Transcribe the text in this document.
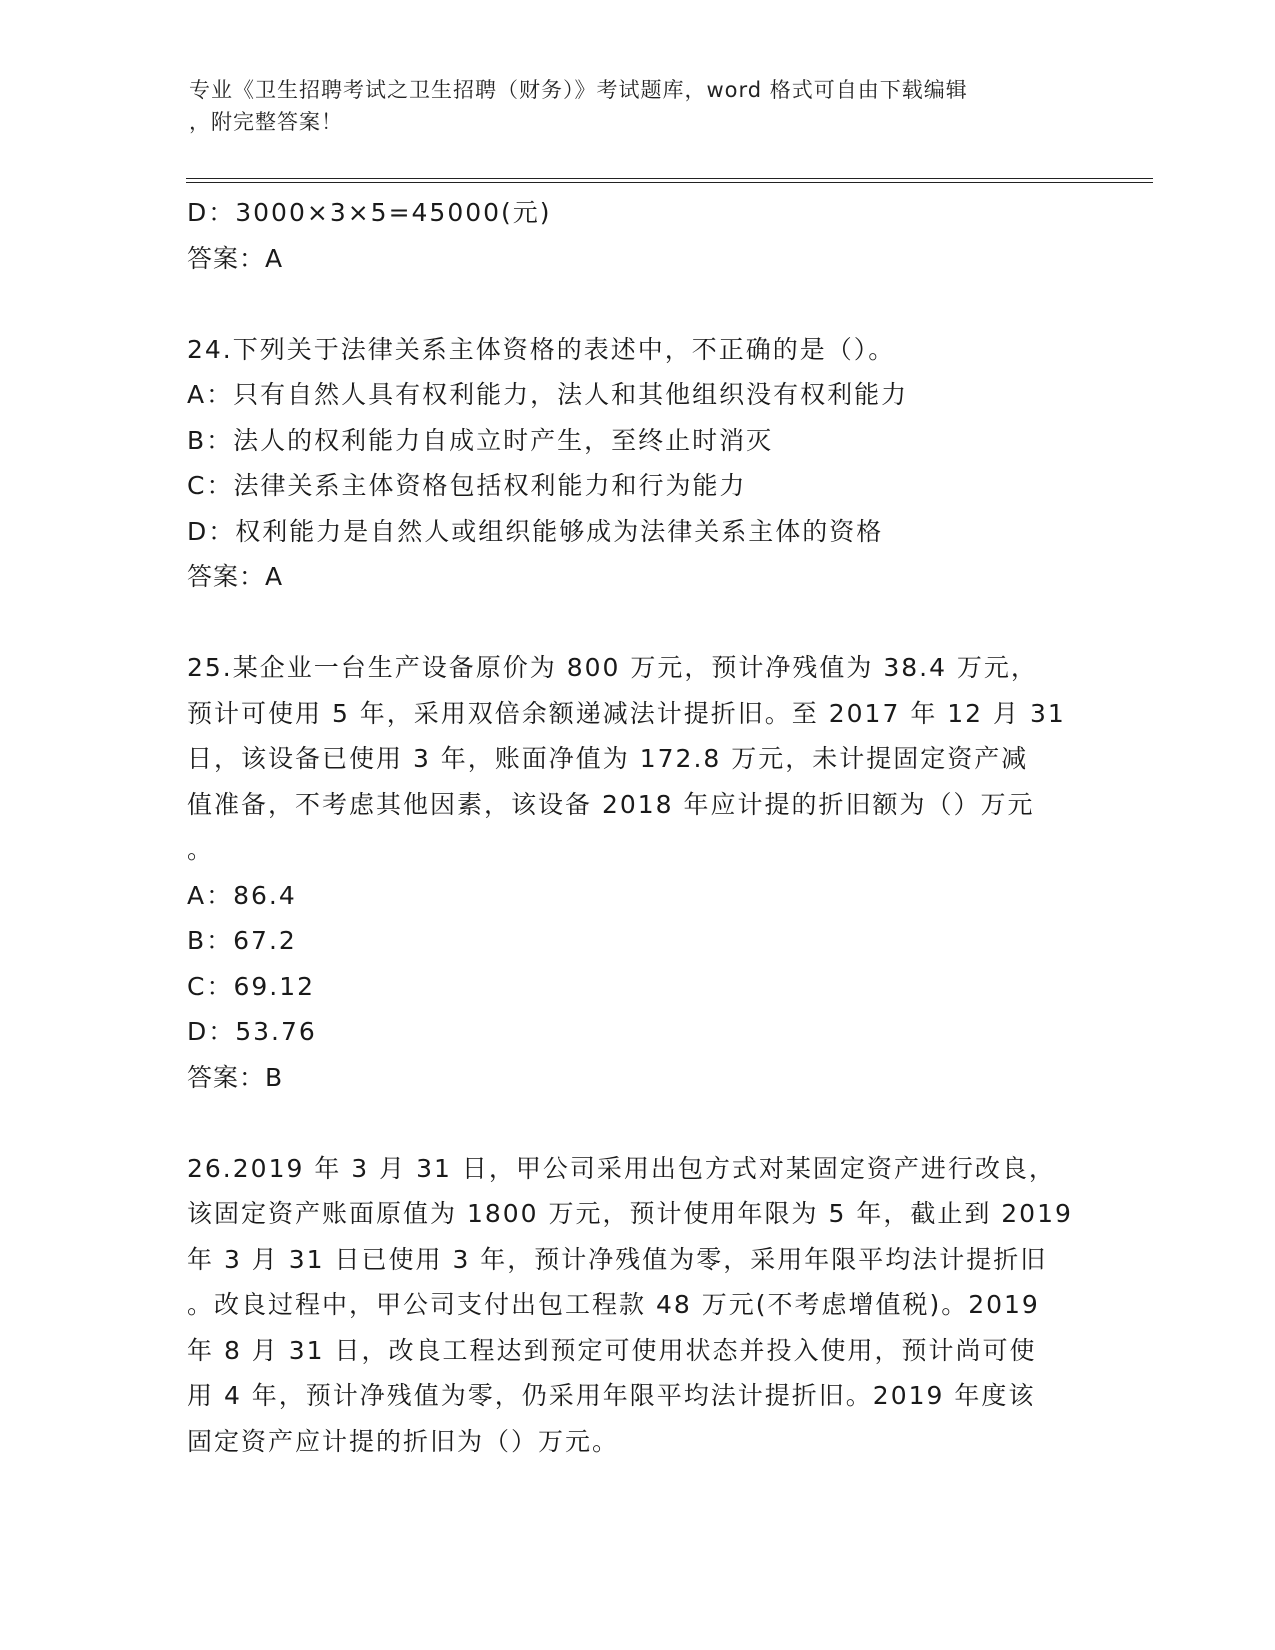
专业《卫生招聘考试之卫生招聘（财务）》考试题库，word 格式可自由下载编辑
，附完整答案！
D：3000×3×5=45000(元)
答案：A
24.下列关于法律关系主体资格的表述中，不正确的是（）。
A：只有自然人具有权利能力，法人和其他组织没有权利能力
B：法人的权利能力自成立时产生，至终止时消灭
C：法律关系主体资格包括权利能力和行为能力
D：权利能力是自然人或组织能够成为法律关系主体的资格
答案：A
25.某企业一台生产设备原价为 800 万元，预计净残值为 38.4 万元，
预计可使用 5 年，采用双倍余额递减法计提折旧。至 2017 年 12 月 31
日，该设备已使用 3 年，账面净值为 172.8 万元，未计提固定资产减
值准备，不考虑其他因素，该设备 2018 年应计提的折旧额为（）万元
。
A：86.4
B：67.2
C：69.12
D：53.76
答案：B
26.2019 年 3 月 31 日，甲公司采用出包方式对某固定资产进行改良，
该固定资产账面原值为 1800 万元，预计使用年限为 5 年，截止到 2019
年 3 月 31 日已使用 3 年，预计净残值为零，采用年限平均法计提折旧
。改良过程中，甲公司支付出包工程款 48 万元(不考虑增值税)。2019
年 8 月 31 日，改良工程达到预定可使用状态并投入使用，预计尚可使
用 4 年，预计净残值为零，仍采用年限平均法计提折旧。2019 年度该
固定资产应计提的折旧为（）万元。
